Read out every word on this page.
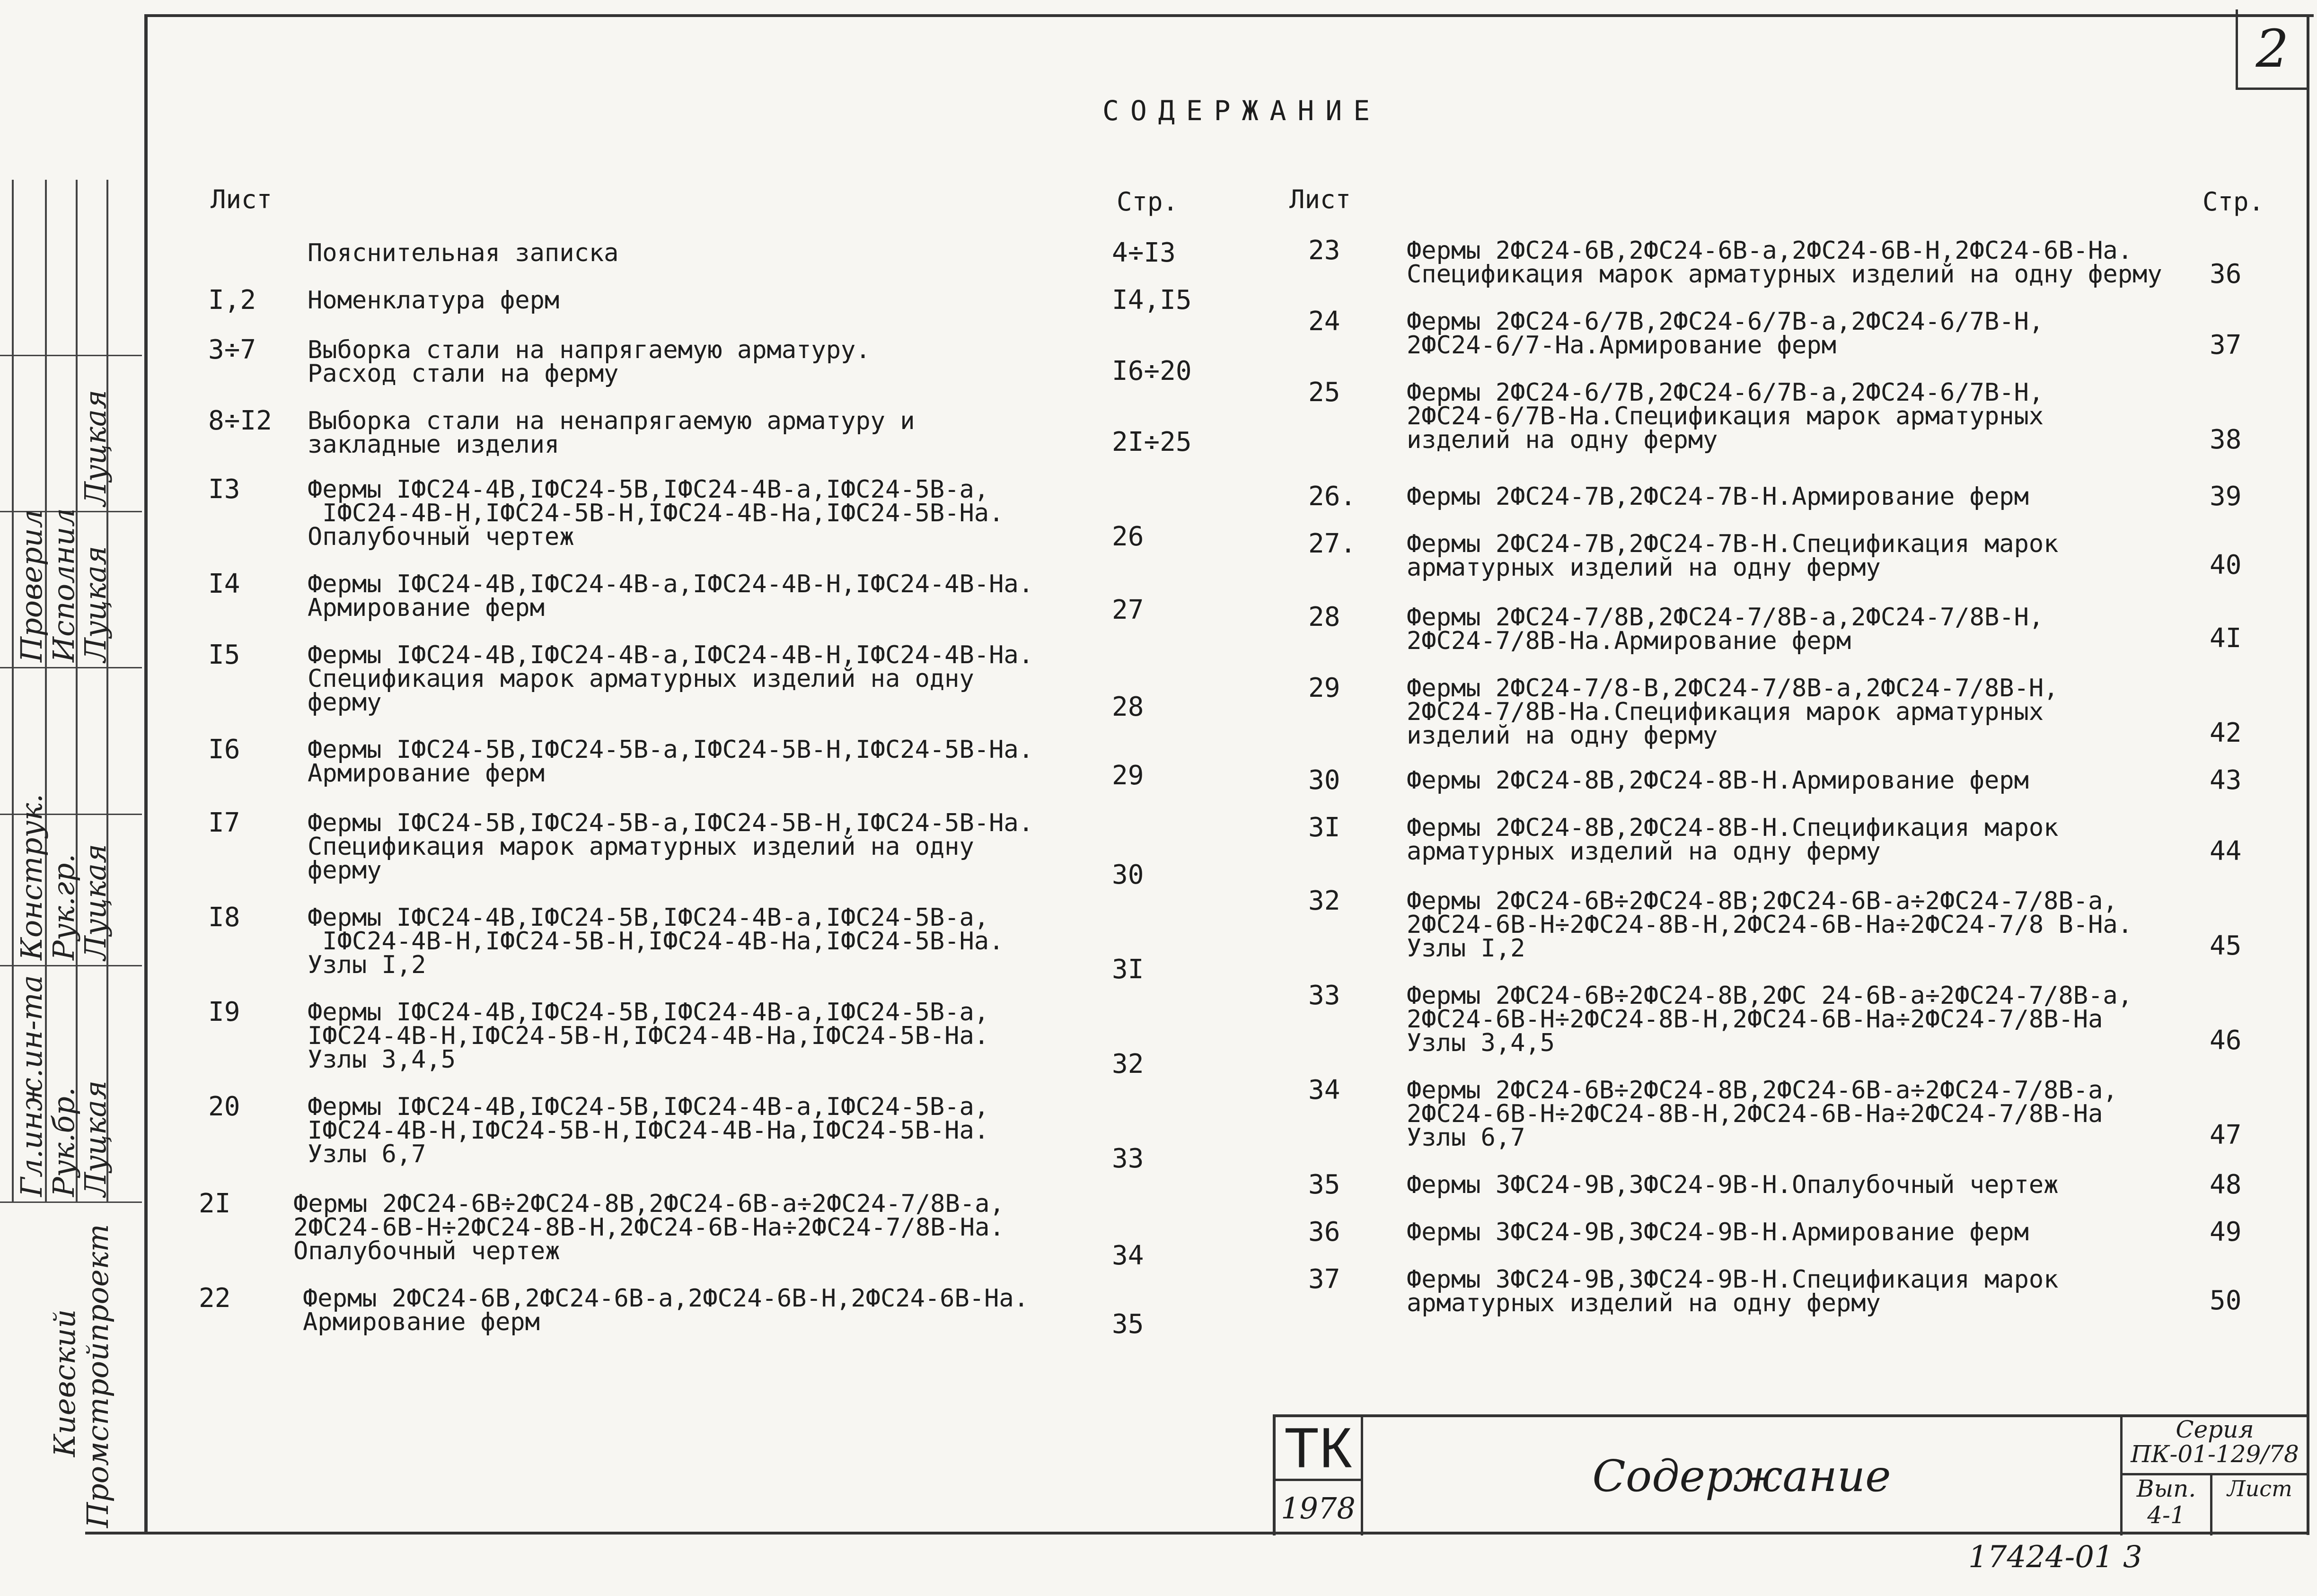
2
СОДЕРЖАНИЕ
Лист	Стр.	Лист	Стр.
Пояснительная записка	4÷I3
I,2 Номенклатура ферм	I4,I5
3÷7 Выборка стали на напрягаемую арматуру.
Расход стали на ферму	I6÷20
8÷I2 Выборка стали на ненапрягаемую арматуру и
закладные изделия	2I÷25
I3	Фермы IФС24-4В,IФС24-5В,IФС24-4В-а,IФС24-5В-а,
IФС24-4В-Н,IФС24-5В-Н,IФС24-4В-На,IФС24-5В-На.
Опалубочный чертеж	26
I4	Фермы IФС24-4В,IФС24-4В-а,IФС24-4В-Н,IФС24-4В-На.
Армирование ферм	27
I5	Фермы IФС24-4В,IФС24-4В-а,IФС24-4В-Н,IФС24-4В-На.
Спецификация марок арматурных изделий на одну
ферму	28
I6	Фермы IФС24-5В,IФС24-5В-а,IФС24-5В-Н,IФС24-5В-На.
Армирование ферм	29
I7	Фермы IФС24-5В,IФС24-5В-а,IФС24-5В-Н,IФС24-5В-На.
Спецификация марок арматурных изделий на одну
ферму	30
I8	Фермы IФС24-4В,IФС24-5В,IФС24-4В-а,IФС24-5В-а,
IФС24-4В-Н,IФС24-5В-Н,IФС24-4В-На,IФС24-5В-На.
Узлы I,2	3I
I9	Фермы IФС24-4В,IФС24-5В,IФС24-4В-а,IФС24-5В-а,
IФС24-4В-Н,IФС24-5В-Н,IФС24-4В-На,IФС24-5В-На.
Узлы 3,4,5	32
20	Фермы IФС24-4В,IФС24-5В,IФС24-4В-а,IФС24-5В-а,
IФС24-4В-Н,IФС24-5В-Н,IФС24-4В-На,IФС24-5В-На.
Узлы 6,7	33
2I	Фермы 2ФС24-6В÷2ФС24-8В,2ФС24-6В-а÷2ФС24-7/8В-а,
2ФС24-6В-Н÷2ФС24-8В-Н,2ФС24-6В-На÷2ФС24-7/8В-На.
Опалубочный чертеж	34
22	Фермы 2ФС24-6В,2ФС24-6В-а,2ФС24-6В-Н,2ФС24-6В-На.
Армирование ферм	35
23	Фермы 2ФС24-6В,2ФС24-6В-а,2ФС24-6В-Н,2ФС24-6В-На.
Спецификация марок арматурных изделий на одну ферму 36
24	Фермы 2ФС24-6/7В,2ФС24-6/7В-а,2ФС24-6/7В-Н,
2ФС24-6/7-На.Армирование ферм	37
25	Фермы 2ФС24-6/7В,2ФС24-6/7В-а,2ФС24-6/7В-Н,
2ФС24-6/7В-На.Спецификация марок арматурных
изделий на одну ферму	38
26. Фермы 2ФС24-7В,2ФС24-7В-Н.Армирование ферм	39
27. Фермы 2ФС24-7В,2ФС24-7В-Н.Спецификация марок
арматурных изделий на одну ферму	40
28	Фермы 2ФС24-7/8В,2ФС24-7/8В-а,2ФС24-7/8В-Н,
2ФС24-7/8В-На.Армирование ферм	4I
29	Фермы 2ФС24-7/8-В,2ФС24-7/8В-а,2ФС24-7/8В-Н,
2ФС24-7/8В-На.Спецификация марок арматурных
изделий на одну ферму	42
30	Фермы 2ФС24-8В,2ФС24-8В-Н.Армирование ферм	43
3I	Фермы 2ФС24-8В,2ФС24-8В-Н.Спецификация марок
арматурных изделий на одну ферму	44
32	Фермы 2ФС24-6В÷2ФС24-8В;2ФС24-6В-а÷2ФС24-7/8В-а,
2ФС24-6В-Н÷2ФС24-8В-Н,2ФС24-6В-На÷2ФС24-7/8 В-На.
Узлы I,2	45
33	Фермы 2ФС24-6В÷2ФС24-8В,2ФС 24-6В-а÷2ФС24-7/8В-а,
2ФС24-6В-Н÷2ФС24-8В-Н,2ФС24-6В-На÷2ФС24-7/8В-На
Узлы 3,4,5	46
34	Фермы 2ФС24-6В÷2ФС24-8В,2ФС24-6В-а÷2ФС24-7/8В-а,
2ФС24-6В-Н÷2ФС24-8В-Н,2ФС24-6В-На÷2ФС24-7/8В-На
Узлы 6,7	47
35	Фермы 3ФС24-9В,3ФС24-9В-Н.Опалубочный чертеж	48
36	Фермы 3ФС24-9В,3ФС24-9В-Н.Армирование ферм	49
37	Фермы 3ФС24-9В,3ФС24-9В-Н.Спецификация марок
арматурных изделий на одну ферму	50
Гл.инж.ин-та
Рук.бр.
Конструк.
Рук.гр.
Проверил
Исполнил
Луцкая
Луцкая
Луцкая
Луцкая
Киевский
Промстройпроект	ТК
1978
Содержание
Серия
ПК-01-129/78
Вып.
4-1
Лист
17424-01 3
